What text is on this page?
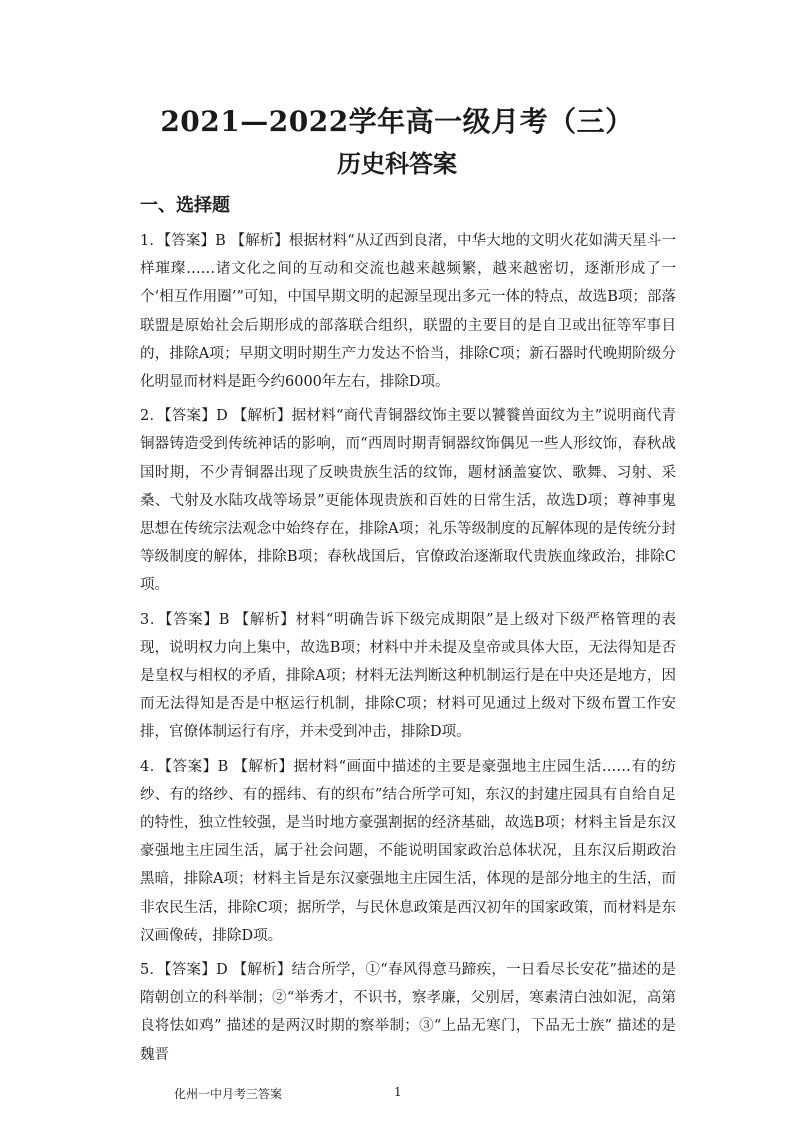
2021—2022学年高一级月考（三）
历史科答案
一、选择题

1．【答案】B 【解析】根据材料“从辽西到良渚，中华大地的文明火花如满天星斗一样璀璨……诸文化之间的互动和交流也越来越频繁，越来越密切，逐渐形成了一个‘相互作用圈’”可知，中国早期文明的起源呈现出多元一体的特点，故选B项；部落联盟是原始社会后期形成的部落联合组织，联盟的主要目的是自卫或出征等军事目的，排除A项；早期文明时期生产力发达不恰当，排除C项；新石器时代晚期阶级分化明显而材料是距今约6000年左右，排除D项。

2．【答案】D 【解析】据材料“商代青铜器纹饰主要以饕餮兽面纹为主”说明商代青铜器铸造受到传统神话的影响，而“西周时期青铜器纹饰偶见一些人形纹饰，春秋战国时期，不少青铜器出现了反映贵族生活的纹饰，题材涵盖宴饮、歌舞、习射、采桑、弋射及水陆攻战等场景”更能体现贵族和百姓的日常生活，故选D项；尊神事鬼思想在传统宗法观念中始终存在，排除A项；礼乐等级制度的瓦解体现的是传统分封等级制度的解体，排除B项；春秋战国后，官僚政治逐渐取代贵族血缘政治，排除C项。

3．【答案】B 【解析】材料“明确告诉下级完成期限”是上级对下级严格管理的表现，说明权力向上集中，故选B项；材料中并未提及皇帝或具体大臣，无法得知是否是皇权与相权的矛盾，排除A项；材料无法判断这种机制运行是在中央还是地方，因而无法得知是否是中枢运行机制，排除C项；材料可见通过上级对下级布置工作安排，官僚体制运行有序，并未受到冲击，排除D项。

4．【答案】B 【解析】据材料“画面中描述的主要是豪强地主庄园生活……有的纺纱、有的络纱、有的摇纬、有的织布”结合所学可知，东汉的封建庄园具有自给自足的特性，独立性较强，是当时地方豪强割据的经济基础，故选B项；材料主旨是东汉豪强地主庄园生活，属于社会问题，不能说明国家政治总体状况，且东汉后期政治黑暗，排除A项；材料主旨是东汉豪强地主庄园生活，体现的是部分地主的生活，而非农民生活，排除C项；据所学，与民休息政策是西汉初年的国家政策，而材料是东汉画像砖，排除D项。

5．【答案】D 【解析】结合所学，①“春风得意马蹄疾，一日看尽长安花”描述的是隋朝创立的科举制；②“举秀才，不识书，察孝廉，父别居，寒素清白浊如泥，高第良将怯如鸡” 描述的是两汉时期的察举制；③“上品无寒门，下品无士族” 描述的是魏晋

化州一中月考三答案	1
